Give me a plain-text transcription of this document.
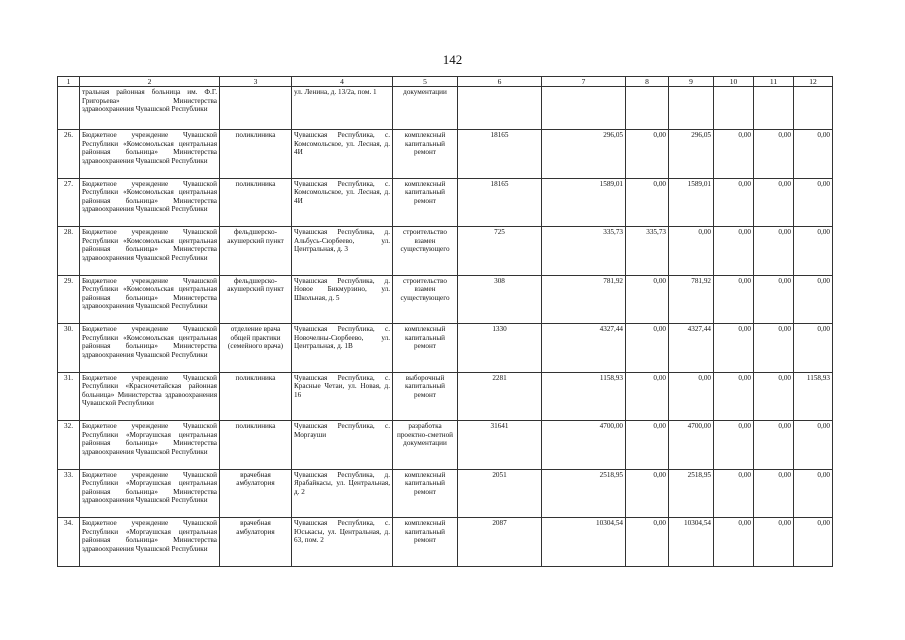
142
1	2	3	4	5	6	7	8	9	10	11	12
	тральная районная больница им. Ф.Г. Григорьева» Министерства здравоохранения Чувашской Республики		ул. Ленина, д. 13/2а, пом. 1	документации							
26.	Бюджетное учреждение Чувашской Республики «Комсомольская центральная районная больница» Министерства здравоохранения Чувашской Республики	поликлиника	Чувашская Республика, с. Комсомольское, ул. Лесная, д. 4И	комплексный капитальный ремонт	18165	296,05	0,00	296,05	0,00	0,00	0,00
27.	Бюджетное учреждение Чувашской Республики «Комсомольская центральная районная больница» Министерства здравоохранения Чувашской Республики	поликлиника	Чувашская Республика, с. Комсомольское, ул. Лесная, д. 4И	комплексный капитальный ремонт	18165	1589,01	0,00	1589,01	0,00	0,00	0,00
28.	Бюджетное учреждение Чувашской Республики «Комсомольская центральная районная больница» Министерства здравоохранения Чувашской Республики	фельдшерско-акушерский пункт	Чувашская Республика, д. Альбусь-Сюрбеево, ул. Центральная, д. 3	строительство взамен существующего	725	335,73	335,73	0,00	0,00	0,00	0,00
29.	Бюджетное учреждение Чувашской Республики «Комсомольская центральная районная больница» Министерства здравоохранения Чувашской Республики	фельдшерско-акушерский пункт	Чувашская Республика, д. Новое Бикмурзино, ул. Школьная, д. 5	строительство взамен существующего	308	781,92	0,00	781,92	0,00	0,00	0,00
30.	Бюджетное учреждение Чувашской Республики «Комсомольская центральная районная больница» Министерства здравоохранения Чувашской Республики	отделение врача общей практики (семейного врача)	Чувашская Республика, с. Новочелны-Сюрбеево, ул. Центральная, д. 1В	комплексный капитальный ремонт	1330	4327,44	0,00	4327,44	0,00	0,00	0,00
31.	Бюджетное учреждение Чувашской Республики «Красночетайская районная больница» Министерства здравоохранения Чувашской Республики	поликлиника	Чувашская Республика, с. Красные Четаи, ул. Новая, д. 16	выборочный капитальный ремонт	2281	1158,93	0,00	0,00	0,00	0,00	1158,93
32.	Бюджетное учреждение Чувашской Республики «Моргаушская центральная районная больница» Министерства здравоохранения Чувашской Республики	поликлиника	Чувашская Республика, с. Моргауши	разработка проектно-сметной документации	31641	4700,00	0,00	4700,00	0,00	0,00	0,00
33.	Бюджетное учреждение Чувашской Республики «Моргаушская центральная районная больница» Министерства здравоохранения Чувашской Республики	врачебная амбулатория	Чувашская Республика, д. Ярабайкасы, ул. Центральная, д. 2	комплексный капитальный ремонт	2051	2518,95	0,00	2518,95	0,00	0,00	0,00
34.	Бюджетное учреждение Чувашской Республики «Моргаушская центральная районная больница» Министерства здравоохранения Чувашской Республики	врачебная амбулатория	Чувашская Республика, с. Юськасы, ул. Центральная, д. 63, пом. 2	комплексный капитальный ремонт	2087	10304,54	0,00	10304,54	0,00	0,00	0,00
